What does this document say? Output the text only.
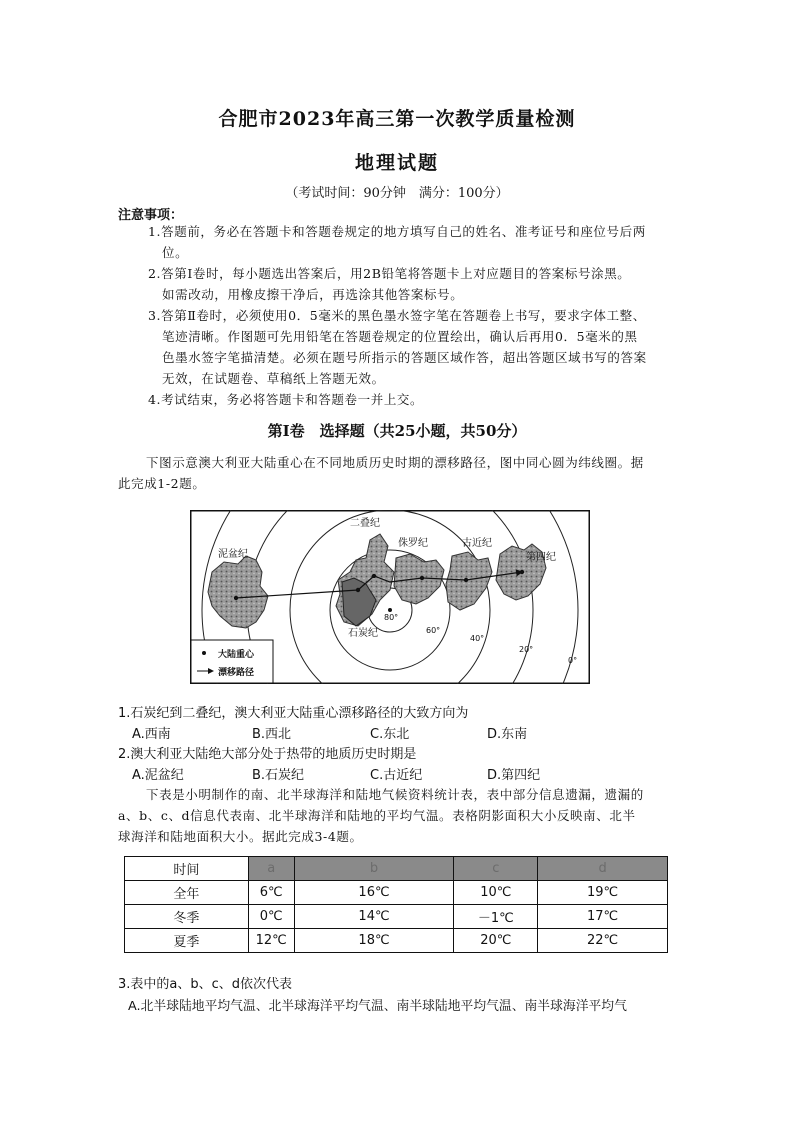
合肥市2023年高三第一次教学质量检测
地理试题
（考试时间：90分钟　满分：100分）
注意事项：
1.答题前，务必在答题卡和答题卷规定的地方填写自己的姓名、准考证号和座位号后两
位。
2.答第Ⅰ卷时，每小题选出答案后，用2B铅笔将答题卡上对应题目的答案标号涂黑。
如需改动，用橡皮擦干净后，再选涂其他答案标号。
3.答第Ⅱ卷时，必须使用0．5毫米的黑色墨水签字笔在答题卷上书写，要求字体工整、
笔迹清晰。作图题可先用铅笔在答题卷规定的位置绘出，确认后再用0．5毫米的黑
色墨水签字笔描清楚。必须在题号所指示的答题区域作答，超出答题区域书写的答案
无效，在试题卷、草稿纸上答题无效。
4.考试结束，务必将答题卡和答题卷一并上交。
第Ⅰ卷　选择题（共25小题，共50分）
下图示意澳大利亚大陆重心在不同地质历史时期的漂移路径，图中同心圆为纬线圈。据
此完成1-2题。
泥盆纪
二叠纪
侏罗纪	古近纪
第四纪
石炭纪
80°
60°
40°
20°
0°
大陆重心
漂移路径
1.石炭纪到二叠纪，澳大利亚大陆重心漂移路径的大致方向为
A.西南	B.西北	C.东北	D.东南
2.澳大利亚大陆绝大部分处于热带的地质历史时期是
A.泥盆纪	B.石炭纪	C.古近纪	D.第四纪
下表是小明制作的南、北半球海洋和陆地气候资料统计表，表中部分信息遗漏，遗漏的
a、b、c、d信息代表南、北半球海洋和陆地的平均气温。表格阴影面积大小反映南、北半
球海洋和陆地面积大小。据此完成3-4题。
时间	a	b	c	d
全年	6℃	16℃	10℃	19℃
冬季	0℃	14℃	－1℃	17℃
夏季	12℃	18℃	20℃	22℃
3.表中的a、b、c、d依次代表
A.北半球陆地平均气温、北半球海洋平均气温、南半球陆地平均气温、南半球海洋平均气
